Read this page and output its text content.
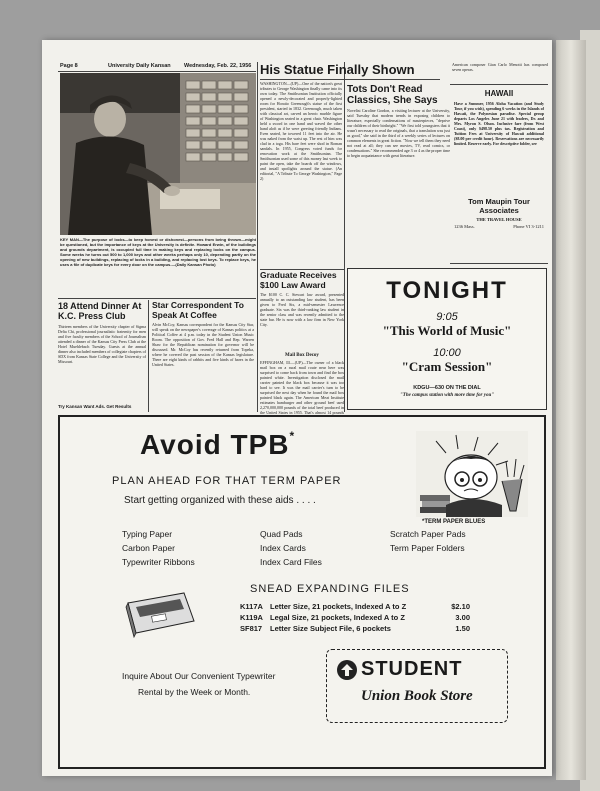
Page 8	University Daily Kansan Wednesday, Feb. 22, 1956
KEY MAN—The purpose of locks—to keep honest or dishonest—persons from being thrown—might be questioned, but the importance of keys at the University is definite. Howard Erwin, of the buildings and grounds department, is occupied full time in making keys and replacing locks on the campus. Some weeks he turns out 500 to 1,000 keys and other weeks perhaps only 10, depending partly on the opening of new buildings, replacing of locks in a building, and replacing lost keys. To replace keys, he uses a file of duplicate keys for every door on the campus.—(Daily Kansan Photo)
His Statue Finally Shown
WASHINGTON—(UP)—One of the nation's great tributes to George Washington finally came into its own today. The Smithsonian Institution officially opened a newly-decorated and properly-lighted room for Horatio Greenough's statue of the first president, started in 1832. Greenough, much taken with classical art, carved an heroic marble figure of Washington seated in a great chair. Washington held a sword in one hand and waved the other hand aloft as if he were greeting friendly Indians. Even seated, he towered 11 feet into the air. He was naked from the waist up. The rest of him was clad in a toga. His bare feet were shod in Roman sandals. In 1955, Congress voted funds for renovation work at the Smithsonian. The Smithsonian used some of this money last week to paint the open, take the boards off the windows, and install spotlights around the statue. (An editorial, "A Tribute To George Washington," Page 2)
Tots Don't Read Classics, She Says
Novelist Caroline Gordon, a visiting lecturer at the University, said Tuesday that modern trends in exposing children to literature, especially condensations of masterpieces, "deprive our children of their birthright." "We first told youngsters that it wasn't necessary to read the originals, that a translation was just as good," she said in the third of a weekly series of lectures on common elements in great fiction. "Now we tell them they need not read at all; they can see movies, TV, read comics, or condensations." She recommended age 3 or 4 as the proper time to begin acquaintance with great literature.
Graduate Receives $100 Law Award
The $100 C. C. Stewart law award, presented annually to an outstanding law student, has been given to Fred Six, a mid-semester Lawrence graduate. Six was the third-ranking law student in the senior class and was recently admitted to the state bar. He is now with a law firm in New York City.
Mail Box Decoy
EFFINGHAM, Ill.—(UP)—The owner of a black mail box on a rural mail route near here was surprised to come back from town and find the box painted white. Investigation disclosed the mail carrier painted the black box because it was too hard to see. It was the mail carrier's turn to be surprised the next day when he found the mail box painted black again. The American Meat Institute estimates hamburger and other ground beef used 2,270,000,000 pounds of the total beef produced in the United States in 1955. That's almost 14 pounds
18 Attend Dinner At K.C. Press Club
Thirteen members of the University chapter of Sigma Delta Chi, professional journalistic fraternity for men and five faculty members of the School of Journalism attended a dinner of the Kansas City Press Club at the Hotel Muehlebach Tuesday. Guests at the annual dinner also included members of collegiate chapters of SDX from Kansas State College and the University of Missouri.
Try Kansan Want Ads. Get Results
Star Correspondent To Speak At Coffee
Alvin McCoy, Kansas correspondent for the Kansas City Star, will speak on the newspaper's coverage of Kansas politics at a Political Coffee at 4 p.m. today in the Student Union Music Room. The opposition of Gov. Fred Hall and Rep. Warren Shaw for the Republican nomination for governor will be discussed. Mr. McCoy has recently returned from Topeka, where he covered the past session of the Kansas legislature. There are eight kinds of rabbits and five kinds of hares in the United States.
American composer Gian Carlo Menotti has composed seven operas.
HAWAII
Have a Summer, 1956 Aloha Vacation (and Study Tour, if you wish), spending 6 weeks in the Islands of Hawaii, the Polynesian paradise. Special group departs Los Angeles June 21 with leaders, Dr. and Mrs. Myron S. Olson. Inclusive fare (from West Coast), only $498.50 plus tax. Registration and Tuition Fees at University of Hawaii additional ($8.00 per credit hour). Reservations are necessarily limited. Reserve early. For descriptive folder, see
Tom Maupin Tour Associates
THE TRAVEL HOUSE
1236 Mass.	Phone VI 3-1211
TONIGHT
9:05
"This World of Music"
10:00
"Cram Session"
KDGU—630 ON THE DIAL
"The campus station with more time for you"
Avoid TPB*
PLAN AHEAD FOR THAT TERM PAPER
Start getting organized with these aids . . . .
*TERM PAPER BLUES
Typing Paper
Carbon Paper
Typewriter Ribbons
Quad Pads
Index Cards
Index Card Files
Scratch Paper Pads
Term Paper Folders
SNEAD EXPANDING FILES
K117A Letter Size, 21 pockets, Indexed A to Z	$2.10
K119A Legal Size, 21 pockets, Indexed A to Z	3.00
SF817	Letter Size Subject File, 6 pockets	1.50
Inquire About Our Convenient Typewriter
Rental by the Week or Month.
STUDENT
Union Book Store
